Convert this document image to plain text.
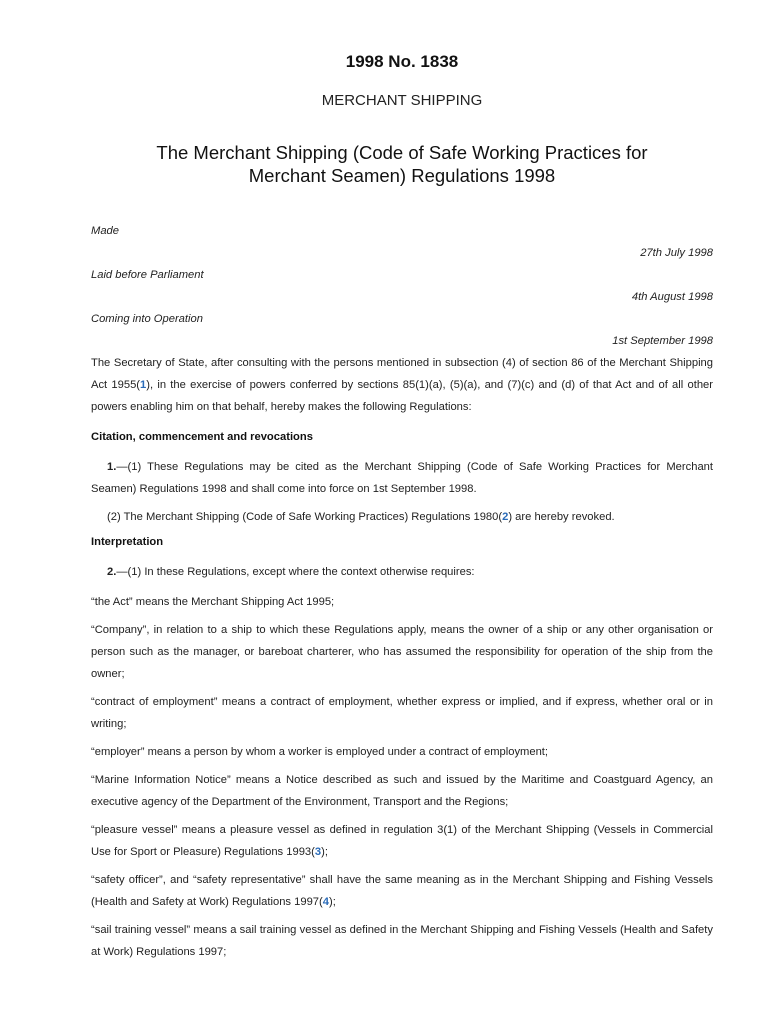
1998 No. 1838
MERCHANT SHIPPING
The Merchant Shipping (Code of Safe Working Practices for
Merchant Seamen) Regulations 1998
Made
27th July 1998
Laid before Parliament
4th August 1998
Coming into Operation
1st September 1998

The Secretary of State, after consulting with the persons mentioned in subsection (4) of section 86 of the Merchant Shipping Act 1955(1), in the exercise of powers conferred by sections 85(1)(a), (5)(a), and (7)(c) and (d) of that Act and of all other powers enabling him on that behalf, hereby makes the following Regulations:

Citation, commencement and revocations

1.—(1) These Regulations may be cited as the Merchant Shipping (Code of Safe Working Practices for Merchant Seamen) Regulations 1998 and shall come into force on 1st September 1998.

(2) The Merchant Shipping (Code of Safe Working Practices) Regulations 1980(2) are hereby revoked.

Interpretation

2.—(1) In these Regulations, except where the context otherwise requires:

“the Act” means the Merchant Shipping Act 1995;

“Company”, in relation to a ship to which these Regulations apply, means the owner of a ship or any other organisation or person such as the manager, or bareboat charterer, who has assumed the responsibility for operation of the ship from the owner;

“contract of employment” means a contract of employment, whether express or implied, and if express, whether oral or in writing;

“employer” means a person by whom a worker is employed under a contract of employment;

“Marine Information Notice” means a Notice described as such and issued by the Maritime and Coastguard Agency, an executive agency of the Department of the Environment, Transport and the Regions;

“pleasure vessel” means a pleasure vessel as defined in regulation 3(1) of the Merchant Shipping (Vessels in Commercial Use for Sport or Pleasure) Regulations 1993(3);

“safety officer”, and “safety representative” shall have the same meaning as in the Merchant Shipping and Fishing Vessels (Health and Safety at Work) Regulations 1997(4);

“sail training vessel” means a sail training vessel as defined in the Merchant Shipping and Fishing Vessels (Health and Safety at Work) Regulations 1997;
